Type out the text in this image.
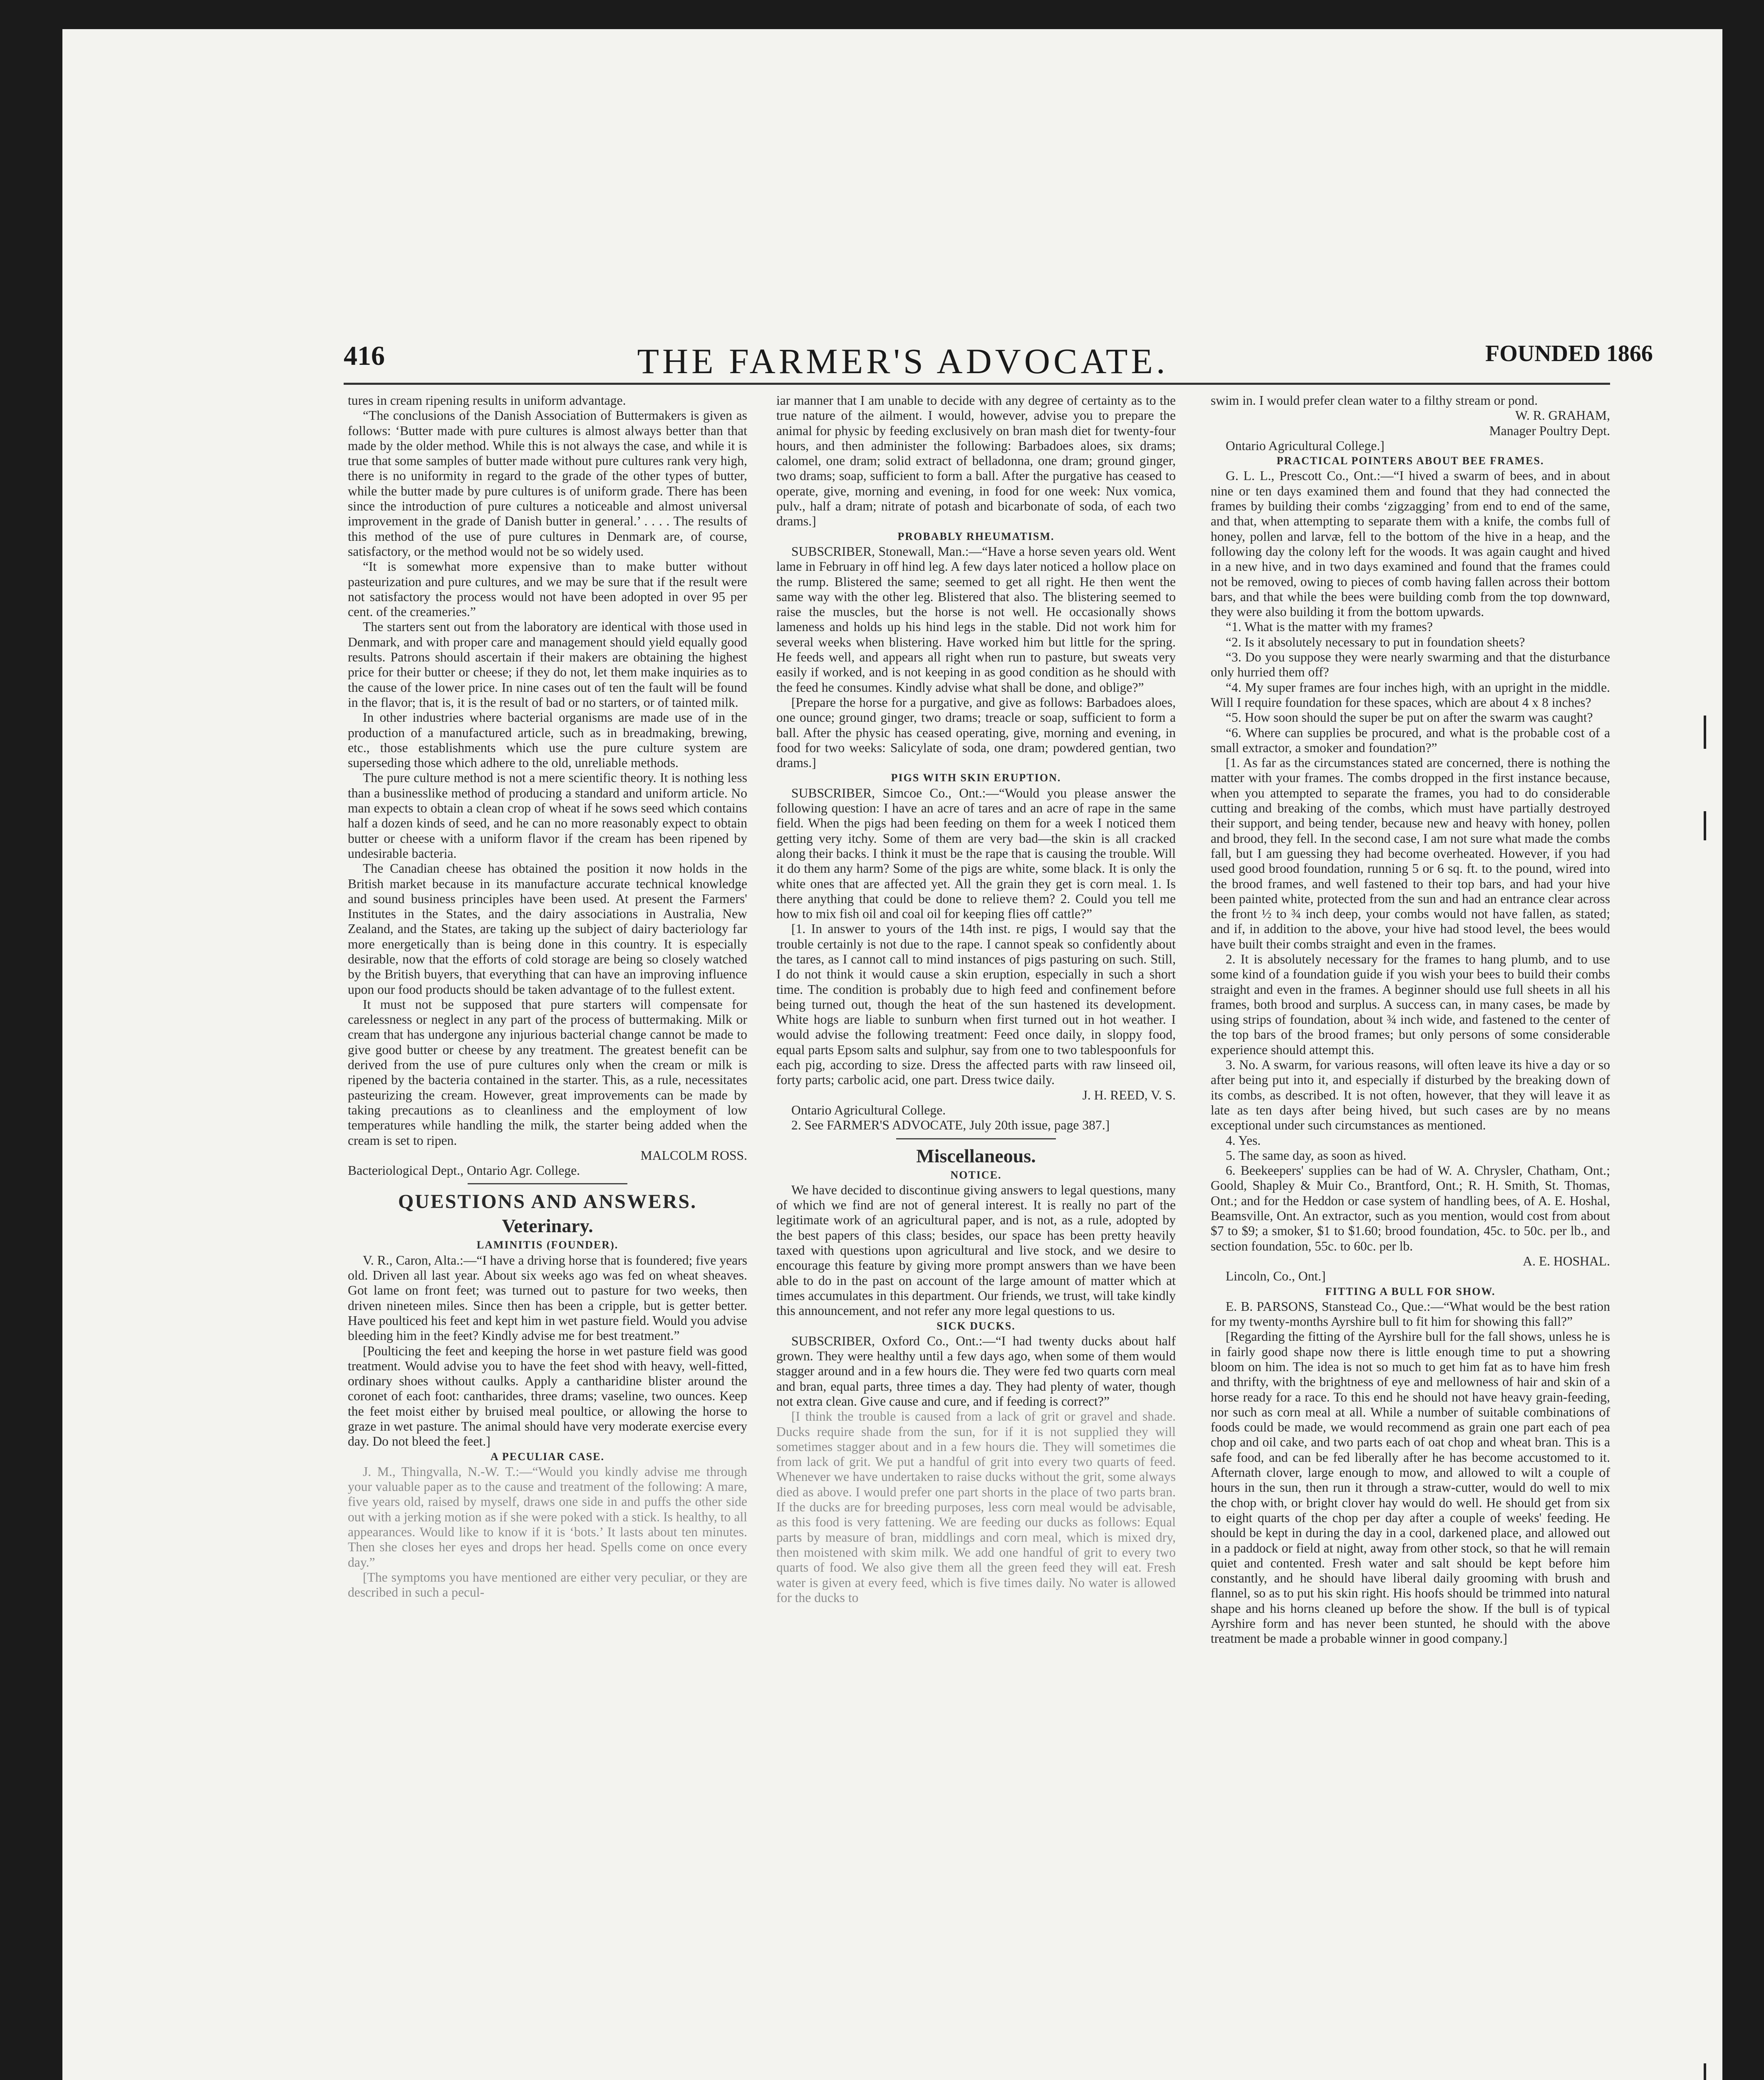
416	THE FARMER'S ADVOCATE.	FOUNDED 1866

tures in cream ripening results in uniform advantage.

“The conclusions of the Danish Association of Buttermakers is given as follows: ‘Butter made with pure cultures is almost always better than that made by the older method. While this is not always the case, and while it is true that some samples of butter made without pure cultures rank very high, there is no uniformity in regard to the grade of the other types of butter, while the butter made by pure cultures is of uniform grade. There has been since the introduction of pure cultures a noticeable and almost universal improvement in the grade of Danish butter in general.’ . . . . The results of this method of the use of pure cultures in Denmark are, of course, satisfactory, or the method would not be so widely used.

“It is somewhat more expensive than to make butter without pasteurization and pure cultures, and we may be sure that if the result were not satisfactory the process would not have been adopted in over 95 per cent. of the creameries.”

The starters sent out from the laboratory are identical with those used in Denmark, and with proper care and management should yield equally good results. Patrons should ascertain if their makers are obtaining the highest price for their butter or cheese; if they do not, let them make inquiries as to the cause of the lower price. In nine cases out of ten the fault will be found in the flavor; that is, it is the result of bad or no starters, or of tainted milk.

In other industries where bacterial organisms are made use of in the production of a manufactured article, such as in breadmaking, brewing, etc., those establishments which use the pure culture system are superseding those which adhere to the old, unreliable methods.

The pure culture method is not a mere scientific theory. It is nothing less than a businesslike method of producing a standard and uniform article. No man expects to obtain a clean crop of wheat if he sows seed which contains half a dozen kinds of seed, and he can no more reasonably expect to obtain butter or cheese with a uniform flavor if the cream has been ripened by undesirable bacteria.

The Canadian cheese has obtained the position it now holds in the British market because in its manufacture accurate technical knowledge and sound business principles have been used. At present the Farmers' Institutes in the States, and the dairy associations in Australia, New Zealand, and the States, are taking up the subject of dairy bacteriology far more energetically than is being done in this country. It is especially desirable, now that the efforts of cold storage are being so closely watched by the British buyers, that everything that can have an improving influence upon our food products should be taken advantage of to the fullest extent.

It must not be supposed that pure starters will compensate for carelessness or neglect in any part of the process of buttermaking. Milk or cream that has undergone any injurious bacterial change cannot be made to give good butter or cheese by any treatment. The greatest benefit can be derived from the use of pure cultures only when the cream or milk is ripened by the bacteria contained in the starter. This, as a rule, necessitates pasteurizing the cream. However, great improvements can be made by taking precautions as to cleanliness and the employment of low temperatures while handling the milk, the starter being added when the cream is set to ripen.

MALCOLM ROSS.

Bacteriological Dept., Ontario Agr. College.

QUESTIONS AND ANSWERS.

Veterinary.

LAMINITIS (FOUNDER).

V. R., Caron, Alta.:—“I have a driving horse that is foundered; five years old. Driven all last year. About six weeks ago was fed on wheat sheaves. Got lame on front feet; was turned out to pasture for two weeks, then driven nineteen miles. Since then has been a cripple, but is getter better. Have poulticed his feet and kept him in wet pasture field. Would you advise bleeding him in the feet? Kindly advise me for best treatment.”

[Poulticing the feet and keeping the horse in wet pasture field was good treatment. Would advise you to have the feet shod with heavy, well-fitted, ordinary shoes without caulks. Apply a cantharidine blister around the coronet of each foot: cantharides, three drams; vaseline, two ounces. Keep the feet moist either by bruised meal poultice, or allowing the horse to graze in wet pasture. The animal should have very moderate exercise every day. Do not bleed the feet.]

A PECULIAR CASE.

J. M., Thingvalla, N.-W. T.:—“Would you kindly advise me through your valuable paper as to the cause and treatment of the following: A mare, five years old, raised by myself, draws one side in and puffs the other side out with a jerking motion as if she were poked with a stick. Is healthy, to all appearances. Would like to know if it is ‘bots.’ It lasts about ten minutes. Then she closes her eyes and drops her head. Spells come on once every day.”

[The symptoms you have mentioned are either very peculiar, or they are described in such a pecul-

iar manner that I am unable to decide with any degree of certainty as to the true nature of the ailment. I would, however, advise you to prepare the animal for physic by feeding exclusively on bran mash diet for twenty-four hours, and then administer the following: Barbadoes aloes, six drams; calomel, one dram; solid extract of belladonna, one dram; ground ginger, two drams; soap, sufficient to form a ball. After the purgative has ceased to operate, give, morning and evening, in food for one week: Nux vomica, pulv., half a dram; nitrate of potash and bicarbonate of soda, of each two drams.]

PROBABLY RHEUMATISM.

SUBSCRIBER, Stonewall, Man.:—“Have a horse seven years old. Went lame in February in off hind leg. A few days later noticed a hollow place on the rump. Blistered the same; seemed to get all right. He then went the same way with the other leg. Blistered that also. The blistering seemed to raise the muscles, but the horse is not well. He occasionally shows lameness and holds up his hind legs in the stable. Did not work him for several weeks when blistering. Have worked him but little for the spring. He feeds well, and appears all right when run to pasture, but sweats very easily if worked, and is not keeping in as good condition as he should with the feed he consumes. Kindly advise what shall be done, and oblige?”

[Prepare the horse for a purgative, and give as follows: Barbadoes aloes, one ounce; ground ginger, two drams; treacle or soap, sufficient to form a ball. After the physic has ceased operating, give, morning and evening, in food for two weeks: Salicylate of soda, one dram; powdered gentian, two drams.]

PIGS WITH SKIN ERUPTION.

SUBSCRIBER, Simcoe Co., Ont.:—“Would you please answer the following question: I have an acre of tares and an acre of rape in the same field. When the pigs had been feeding on them for a week I noticed them getting very itchy. Some of them are very bad—the skin is all cracked along their backs. I think it must be the rape that is causing the trouble. Will it do them any harm? Some of the pigs are white, some black. It is only the white ones that are affected yet. All the grain they get is corn meal. 1. Is there anything that could be done to relieve them? 2. Could you tell me how to mix fish oil and coal oil for keeping flies off cattle?”

[1. In answer to yours of the 14th inst. re pigs, I would say that the trouble certainly is not due to the rape. I cannot speak so confidently about the tares, as I cannot call to mind instances of pigs pasturing on such. Still, I do not think it would cause a skin eruption, especially in such a short time. The condition is probably due to high feed and confinement before being turned out, though the heat of the sun hastened its development. White hogs are liable to sunburn when first turned out in hot weather. I would advise the following treatment: Feed once daily, in sloppy food, equal parts Epsom salts and sulphur, say from one to two tablespoonfuls for each pig, according to size. Dress the affected parts with raw linseed oil, forty parts; carbolic acid, one part. Dress twice daily.

J. H. REED, V. S.

Ontario Agricultural College.

2. See FARMER'S ADVOCATE, July 20th issue, page 387.]

Miscellaneous.

NOTICE.

We have decided to discontinue giving answers to legal questions, many of which we find are not of general interest. It is really no part of the legitimate work of an agricultural paper, and is not, as a rule, adopted by the best papers of this class; besides, our space has been pretty heavily taxed with questions upon agricultural and live stock, and we desire to encourage this feature by giving more prompt answers than we have been able to do in the past on account of the large amount of matter which at times accumulates in this department. Our friends, we trust, will take kindly this announcement, and not refer any more legal questions to us.

SICK DUCKS.

SUBSCRIBER, Oxford Co., Ont.:—“I had twenty ducks about half grown. They were healthy until a few days ago, when some of them would stagger around and in a few hours die. They were fed two quarts corn meal and bran, equal parts, three times a day. They had plenty of water, though not extra clean. Give cause and cure, and if feeding is correct?”

[I think the trouble is caused from a lack of grit or gravel and shade. Ducks require shade from the sun, for if it is not supplied they will sometimes stagger about and in a few hours die. They will sometimes die from lack of grit. We put a handful of grit into every two quarts of feed. Whenever we have undertaken to raise ducks without the grit, some always died as above. I would prefer one part shorts in the place of two parts bran. If the ducks are for breeding purposes, less corn meal would be advisable, as this food is very fattening. We are feeding our ducks as follows: Equal parts by measure of bran, middlings and corn meal, which is mixed dry, then moistened with skim milk. We add one handful of grit to every two quarts of food. We also give them all the green feed they will eat. Fresh water is given at every feed, which is five times daily. No water is allowed for the ducks to

swim in. I would prefer clean water to a filthy stream or pond.

W. R. GRAHAM,

Manager Poultry Dept.

Ontario Agricultural College.]

PRACTICAL POINTERS ABOUT BEE FRAMES.

G. L. L., Prescott Co., Ont.:—“I hived a swarm of bees, and in about nine or ten days examined them and found that they had connected the frames by building their combs ‘zigzagging’ from end to end of the same, and that, when attempting to separate them with a knife, the combs full of honey, pollen and larvæ, fell to the bottom of the hive in a heap, and the following day the colony left for the woods. It was again caught and hived in a new hive, and in two days examined and found that the frames could not be removed, owing to pieces of comb having fallen across their bottom bars, and that while the bees were building comb from the top downward, they were also building it from the bottom upwards.

“1. What is the matter with my frames?

“2. Is it absolutely necessary to put in foundation sheets?

“3. Do you suppose they were nearly swarming and that the disturbance only hurried them off?

“4. My super frames are four inches high, with an upright in the middle. Will I require foundation for these spaces, which are about 4 x 8 inches?

“5. How soon should the super be put on after the swarm was caught?

“6. Where can supplies be procured, and what is the probable cost of a small extractor, a smoker and foundation?”

[1. As far as the circumstances stated are concerned, there is nothing the matter with your frames. The combs dropped in the first instance because, when you attempted to separate the frames, you had to do considerable cutting and breaking of the combs, which must have partially destroyed their support, and being tender, because new and heavy with honey, pollen and brood, they fell. In the second case, I am not sure what made the combs fall, but I am guessing they had become overheated. However, if you had used good brood foundation, running 5 or 6 sq. ft. to the pound, wired into the brood frames, and well fastened to their top bars, and had your hive been painted white, protected from the sun and had an entrance clear across the front ½ to ¾ inch deep, your combs would not have fallen, as stated; and if, in addition to the above, your hive had stood level, the bees would have built their combs straight and even in the frames.

2. It is absolutely necessary for the frames to hang plumb, and to use some kind of a foundation guide if you wish your bees to build their combs straight and even in the frames. A beginner should use full sheets in all his frames, both brood and surplus. A success can, in many cases, be made by using strips of foundation, about ¾ inch wide, and fastened to the center of the top bars of the brood frames; but only persons of some considerable experience should attempt this.

3. No. A swarm, for various reasons, will often leave its hive a day or so after being put into it, and especially if disturbed by the breaking down of its combs, as described. It is not often, however, that they will leave it as late as ten days after being hived, but such cases are by no means exceptional under such circumstances as mentioned.

4. Yes.

5. The same day, as soon as hived.

6. Beekeepers' supplies can be had of W. A. Chrysler, Chatham, Ont.; Goold, Shapley & Muir Co., Brantford, Ont.; R. H. Smith, St. Thomas, Ont.; and for the Heddon or case system of handling bees, of A. E. Hoshal, Beamsville, Ont. An extractor, such as you mention, would cost from about $7 to $9; a smoker, $1 to $1.60; brood foundation, 45c. to 50c. per lb., and section foundation, 55c. to 60c. per lb.

A. E. HOSHAL.

Lincoln, Co., Ont.]

FITTING A BULL FOR SHOW.

E. B. PARSONS, Stanstead Co., Que.:—“What would be the best ration for my twenty-months Ayrshire bull to fit him for showing this fall?”

[Regarding the fitting of the Ayrshire bull for the fall shows, unless he is in fairly good shape now there is little enough time to put a showring bloom on him. The idea is not so much to get him fat as to have him fresh and thrifty, with the brightness of eye and mellowness of hair and skin of a horse ready for a race. To this end he should not have heavy grain-feeding, nor such as corn meal at all. While a number of suitable combinations of foods could be made, we would recommend as grain one part each of pea chop and oil cake, and two parts each of oat chop and wheat bran. This is a safe food, and can be fed liberally after he has become accustomed to it. Afternath clover, large enough to mow, and allowed to wilt a couple of hours in the sun, then run it through a straw-cutter, would do well to mix the chop with, or bright clover hay would do well. He should get from six to eight quarts of the chop per day after a couple of weeks' feeding. He should be kept in during the day in a cool, darkened place, and allowed out in a paddock or field at night, away from other stock, so that he will remain quiet and contented. Fresh water and salt should be kept before him constantly, and he should have liberal daily grooming with brush and flannel, so as to put his skin right. His hoofs should be trimmed into natural shape and his horns cleaned up before the show. If the bull is of typical Ayrshire form and has never been stunted, he should with the above treatment be made a probable winner in good company.]
